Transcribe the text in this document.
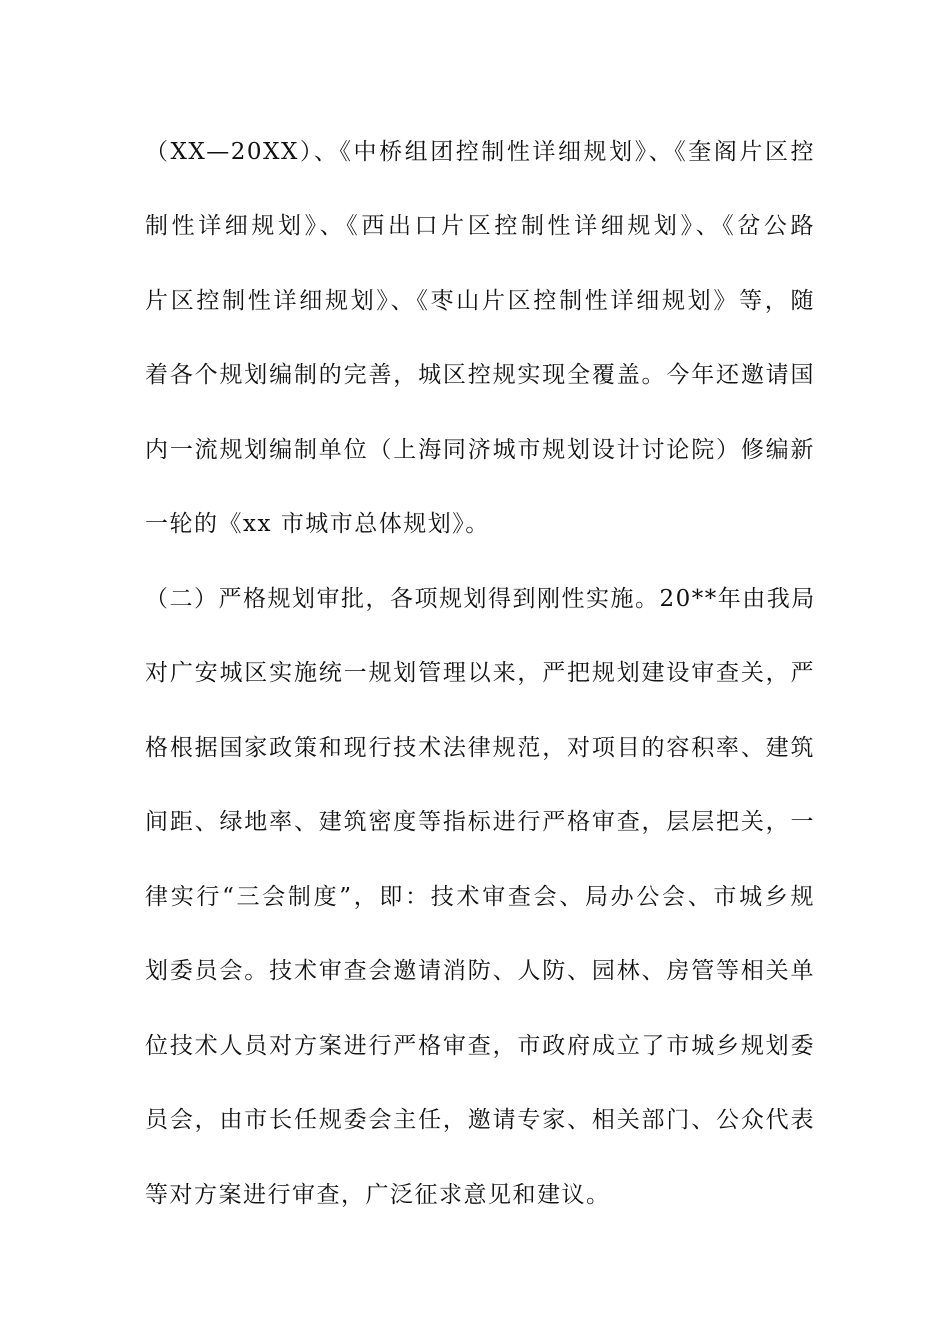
（XX—20XX）、《中桥组团控制性详细规划》、《奎阁片区控
制性详细规划》、《西出口片区控制性详细规划》、《岔公路
片区控制性详细规划》、《枣山片区控制性详细规划》等，随
着各个规划编制的完善，城区控规实现全覆盖。今年还邀请国
内一流规划编制单位（上海同济城市规划设计讨论院）修编新
一轮的《xx 市城市总体规划》。
（二）严格规划审批，各项规划得到刚性实施。20**年由我局
对广安城区实施统一规划管理以来，严把规划建设审查关，严
格根据国家政策和现行技术法律规范，对项目的容积率、建筑
间距、绿地率、建筑密度等指标进行严格审查，层层把关，一
律实行“三会制度”，即：技术审查会、局办公会、市城乡规
划委员会。技术审查会邀请消防、人防、园林、房管等相关单
位技术人员对方案进行严格审查，市政府成立了市城乡规划委
员会，由市长任规委会主任，邀请专家、相关部门、公众代表
等对方案进行审查，广泛征求意见和建议。
